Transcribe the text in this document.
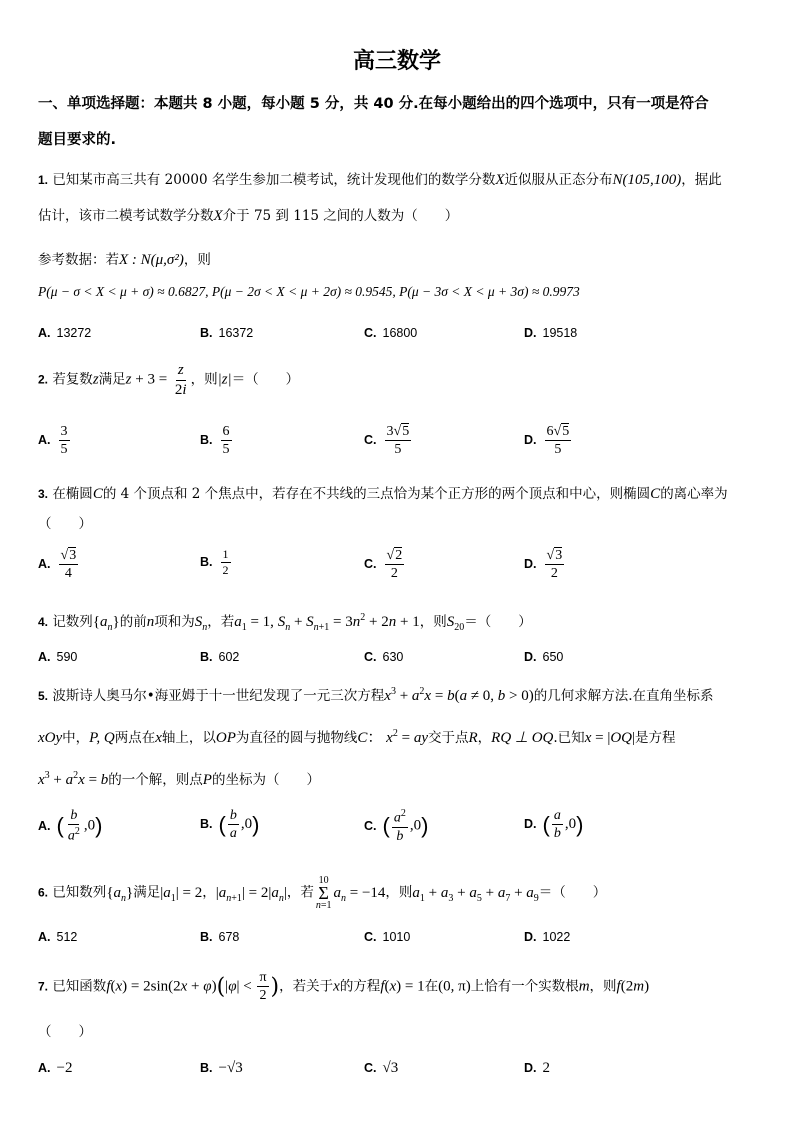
高三数学
一、单项选择题：本题共 8 小题，每小题 5 分，共 40 分.在每小题给出的四个选项中，只有一项是符合
题目要求的.
1. 已知某市高三共有 20000 名学生参加二模考试，统计发现他们的数学分数X近似服从正态分布N(105,100)，据此
估计，该市二模考试数学分数X介于 75 到 115 之间的人数为（　　）
参考数据：若X : N(μ,σ²)，则
P(μ − σ < X < μ + σ) ≈ 0.6827, P(μ − 2σ < X < μ + 2σ) ≈ 0.9545, P(μ − 3σ < X < μ + 3σ) ≈ 0.9973
A. 13272	B. 16372	C. 16800	D. 19518
2. 若复数z满足$z + 3 = \frac{z}{2i}$ ，则|z|＝（　　）
A. $\frac{3}{5}$	B. $\frac{6}{5}$	C. $\frac{3√5}{5}$	D. $\frac{6√5}{5}$
3. 在椭圆C的 4 个顶点和 2 个焦点中，若存在不共线的三点恰为某个正方形的两个顶点和中心，则椭圆C的离心率为
（　　）
A. $\frac{√3}{4}$	B. $\frac{1}{2}$	C. $\frac{√2}{2}$	D. $\frac{√3}{2}$
4. 记数列$\{a_n\}$的前n项和为$S_n$，若$a_1 = 1$, $S_n + S_{n+1} = 3n^2 + 2n + 1$，则$S_{20}=$（　　）
A. 590	B. 602	C. 630	D. 650
5. 波斯诗人奥马尔•海亚姆于十一世纪发现了一元三次方程$x^3 + a^2x = b(a \ne 0$, b > 0)的几何求解方法.在直角坐标系
xOy中，P, Q两点在x轴上，以OP为直径的圆与抛物线C： $x^2$ = ay交于点R，RQ ⊥ OQ.已知x = |OQ|是方程
$x^3 + a^2x = b$的一个解，则点P的坐标为（　　）
A. ( $\frac{b}{a^2} ,0$)	B. ( $\frac{b}{a} ,0$)	C. ( $\frac{a^2}{b} ,0$)	D. ( $\frac{a}{b} ,0$)
6. 已知数列$\{a_n\}$满足$|a_1| = 2$，$|a_{n+1}| = 2|a_n|$，若
10
Σ
n=1
$a_n = -14$，则$a_1 + a_3 + a_5 + a_7 + a_9=$（　　）
A. 512	B. 678	C. 1010	D. 1022
7. 已知函数$f(x) = 2\sin(2x + \varphi)(|\varphi| < \frac{\pi}{2}$ )，若关于x的方程f(x) = 1在(0, π)上恰有一个实数根m，则f(2m)
（　　）
A. −2	B. −√3	C. √3	D. 2
